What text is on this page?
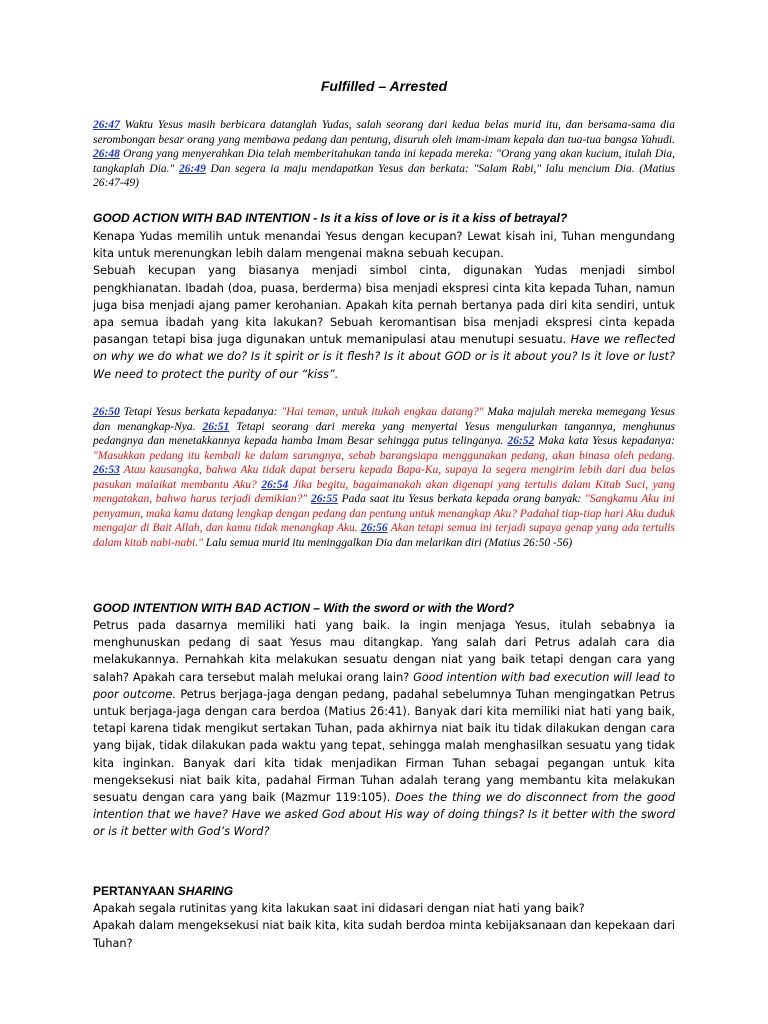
Fulfilled – Arrested
26:47 Waktu Yesus masih berbicara datanglah Yudas, salah seorang dari kedua belas murid itu, dan bersama-sama dia serombongan besar orang yang membawa pedang dan pentung, disuruh oleh imam-imam kepala dan tua-tua bangsa Yahudi. 26:48 Orang yang menyerahkan Dia telah memberitahukan tanda ini kepada mereka: "Orang yang akan kucium, itulah Dia, tangkaplah Dia." 26:49 Dan segera ia maju mendapatkan Yesus dan berkata: "Salam Rabi," lalu mencium Dia. (Matius 26:47-49)
GOOD ACTION WITH BAD INTENTION - Is it a kiss of love or is it a kiss of betrayal?

Kenapa Yudas memilih untuk menandai Yesus dengan kecupan? Lewat kisah ini, Tuhan mengundang kita untuk merenungkan lebih dalam mengenai makna sebuah kecupan.

Sebuah kecupan yang biasanya menjadi simbol cinta, digunakan Yudas menjadi simbol pengkhianatan. Ibadah (doa, puasa, berderma) bisa menjadi ekspresi cinta kita kepada Tuhan, namun juga bisa menjadi ajang pamer kerohanian. Apakah kita pernah bertanya pada diri kita sendiri, untuk apa semua ibadah yang kita lakukan? Sebuah keromantisan bisa menjadi ekspresi cinta kepada pasangan tetapi bisa juga digunakan untuk memanipulasi atau menutupi sesuatu. Have we reflected on why we do what we do? Is it spirit or is it flesh? Is it about GOD or is it about you? Is it love or lust? We need to protect the purity of our “kiss”.

26:50 Tetapi Yesus berkata kepadanya: "Hai teman, untuk itukah engkau datang?" Maka majulah mereka memegang Yesus dan menangkap-Nya. 26:51 Tetapi seorang dari mereka yang menyertai Yesus mengulurkan tangannya, menghunus pedangnya dan menetakkannya kepada hamba Imam Besar sehingga putus telinganya. 26:52 Maka kata Yesus kepadanya: "Masukkan pedang itu kembali ke dalam sarungnya, sebab barangsiapa menggunakan pedang, akan binasa oleh pedang. 26:53 Atau kausangka, bahwa Aku tidak dapat berseru kepada Bapa-Ku, supaya Ia segera mengirim lebih dari dua belas pasukan malaikat membantu Aku? 26:54 Jika begitu, bagaimanakah akan digenapi yang tertulis dalam Kitab Suci, yang mengatakan, bahwa harus terjadi demikian?" 26:55 Pada saat itu Yesus berkata kepada orang banyak: "Sangkamu Aku ini penyamun, maka kamu datang lengkap dengan pedang dan pentung untuk menangkap Aku? Padahal tiap-tiap hari Aku duduk mengajar di Bait Allah, dan kamu tidak menangkap Aku. 26:56 Akan tetapi semua ini terjadi supaya genap yang ada tertulis dalam kitab nabi-nabi." Lalu semua murid itu meninggalkan Dia dan melarikan diri (Matius 26:50 -56)
GOOD INTENTION WITH BAD ACTION – With the sword or with the Word?

Petrus pada dasarnya memiliki hati yang baik. Ia ingin menjaga Yesus, itulah sebabnya ia menghunuskan pedang di saat Yesus mau ditangkap. Yang salah dari Petrus adalah cara dia melakukannya. Pernahkah kita melakukan sesuatu dengan niat yang baik tetapi dengan cara yang salah? Apakah cara tersebut malah melukai orang lain? Good intention with bad execution will lead to poor outcome. Petrus berjaga-jaga dengan pedang, padahal sebelumnya Tuhan mengingatkan Petrus untuk berjaga-jaga dengan cara berdoa (Matius 26:41). Banyak dari kita memiliki niat hati yang baik, tetapi karena tidak mengikut sertakan Tuhan, pada akhirnya niat baik itu tidak dilakukan dengan cara yang bijak, tidak dilakukan pada waktu yang tepat, sehingga malah menghasilkan sesuatu yang tidak kita inginkan. Banyak dari kita tidak menjadikan Firman Tuhan sebagai pegangan untuk kita mengeksekusi niat baik kita, padahal Firman Tuhan adalah terang yang membantu kita melakukan sesuatu dengan cara yang baik (Mazmur 119:105). Does the thing we do disconnect from the good intention that we have? Have we asked God about His way of doing things? Is it better with the sword or is it better with God’s Word?

PERTANYAAN SHARING

Apakah segala rutinitas yang kita lakukan saat ini didasari dengan niat hati yang baik?

Apakah dalam mengeksekusi niat baik kita, kita sudah berdoa minta kebijaksanaan dan kepekaan dari Tuhan?
